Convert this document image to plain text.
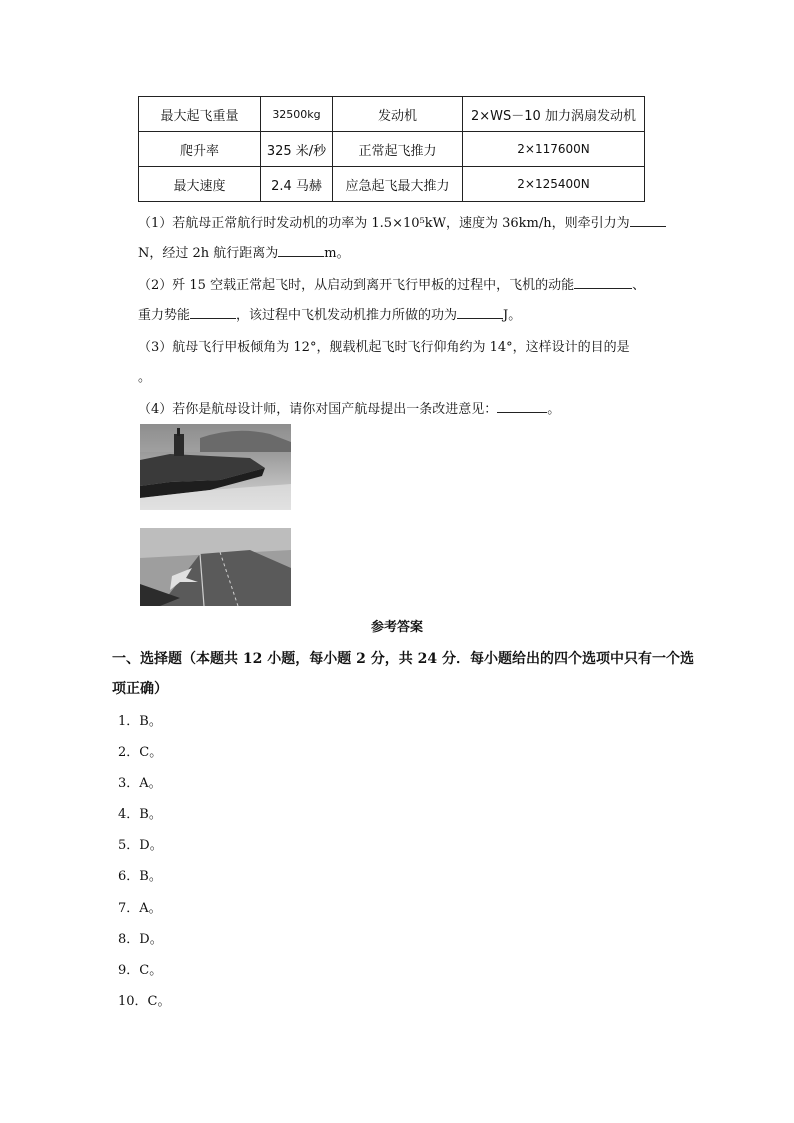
最大起飞重量	32500kg	发动机	2×WS－10 加力涡扇发动机
爬升率	325 米/秒	正常起飞推力	2×117600N
最大速度	2.4 马赫	应急起飞最大推力	2×125400N
（1）若航母正常航行时发动机的功率为 1.5×10⁵kW，速度为 36km/h，则牵引力为
N，经过 2h 航行距离为	m。
（2）歼 15 空载正常起飞时，从启动到离开飞行甲板的过程中，飞机的动能	、
重力势能	，该过程中飞机发动机推力所做的功为	J。
（3）航母飞行甲板倾角为 12°，舰载机起飞时飞行仰角约为 14°，这样设计的目的是
。
（4）若你是航母设计师，请你对国产航母提出一条改进意见：	。
参考答案
一、选择题（本题共 12 小题，每小题 2 分，共 24 分．每小题给出的四个选项中只有一个选
项正确）
1．B。
2．C。
3．A。
4．B。
5．D。
6．B。
7．A。
8．D。
9．C。
10．C。
